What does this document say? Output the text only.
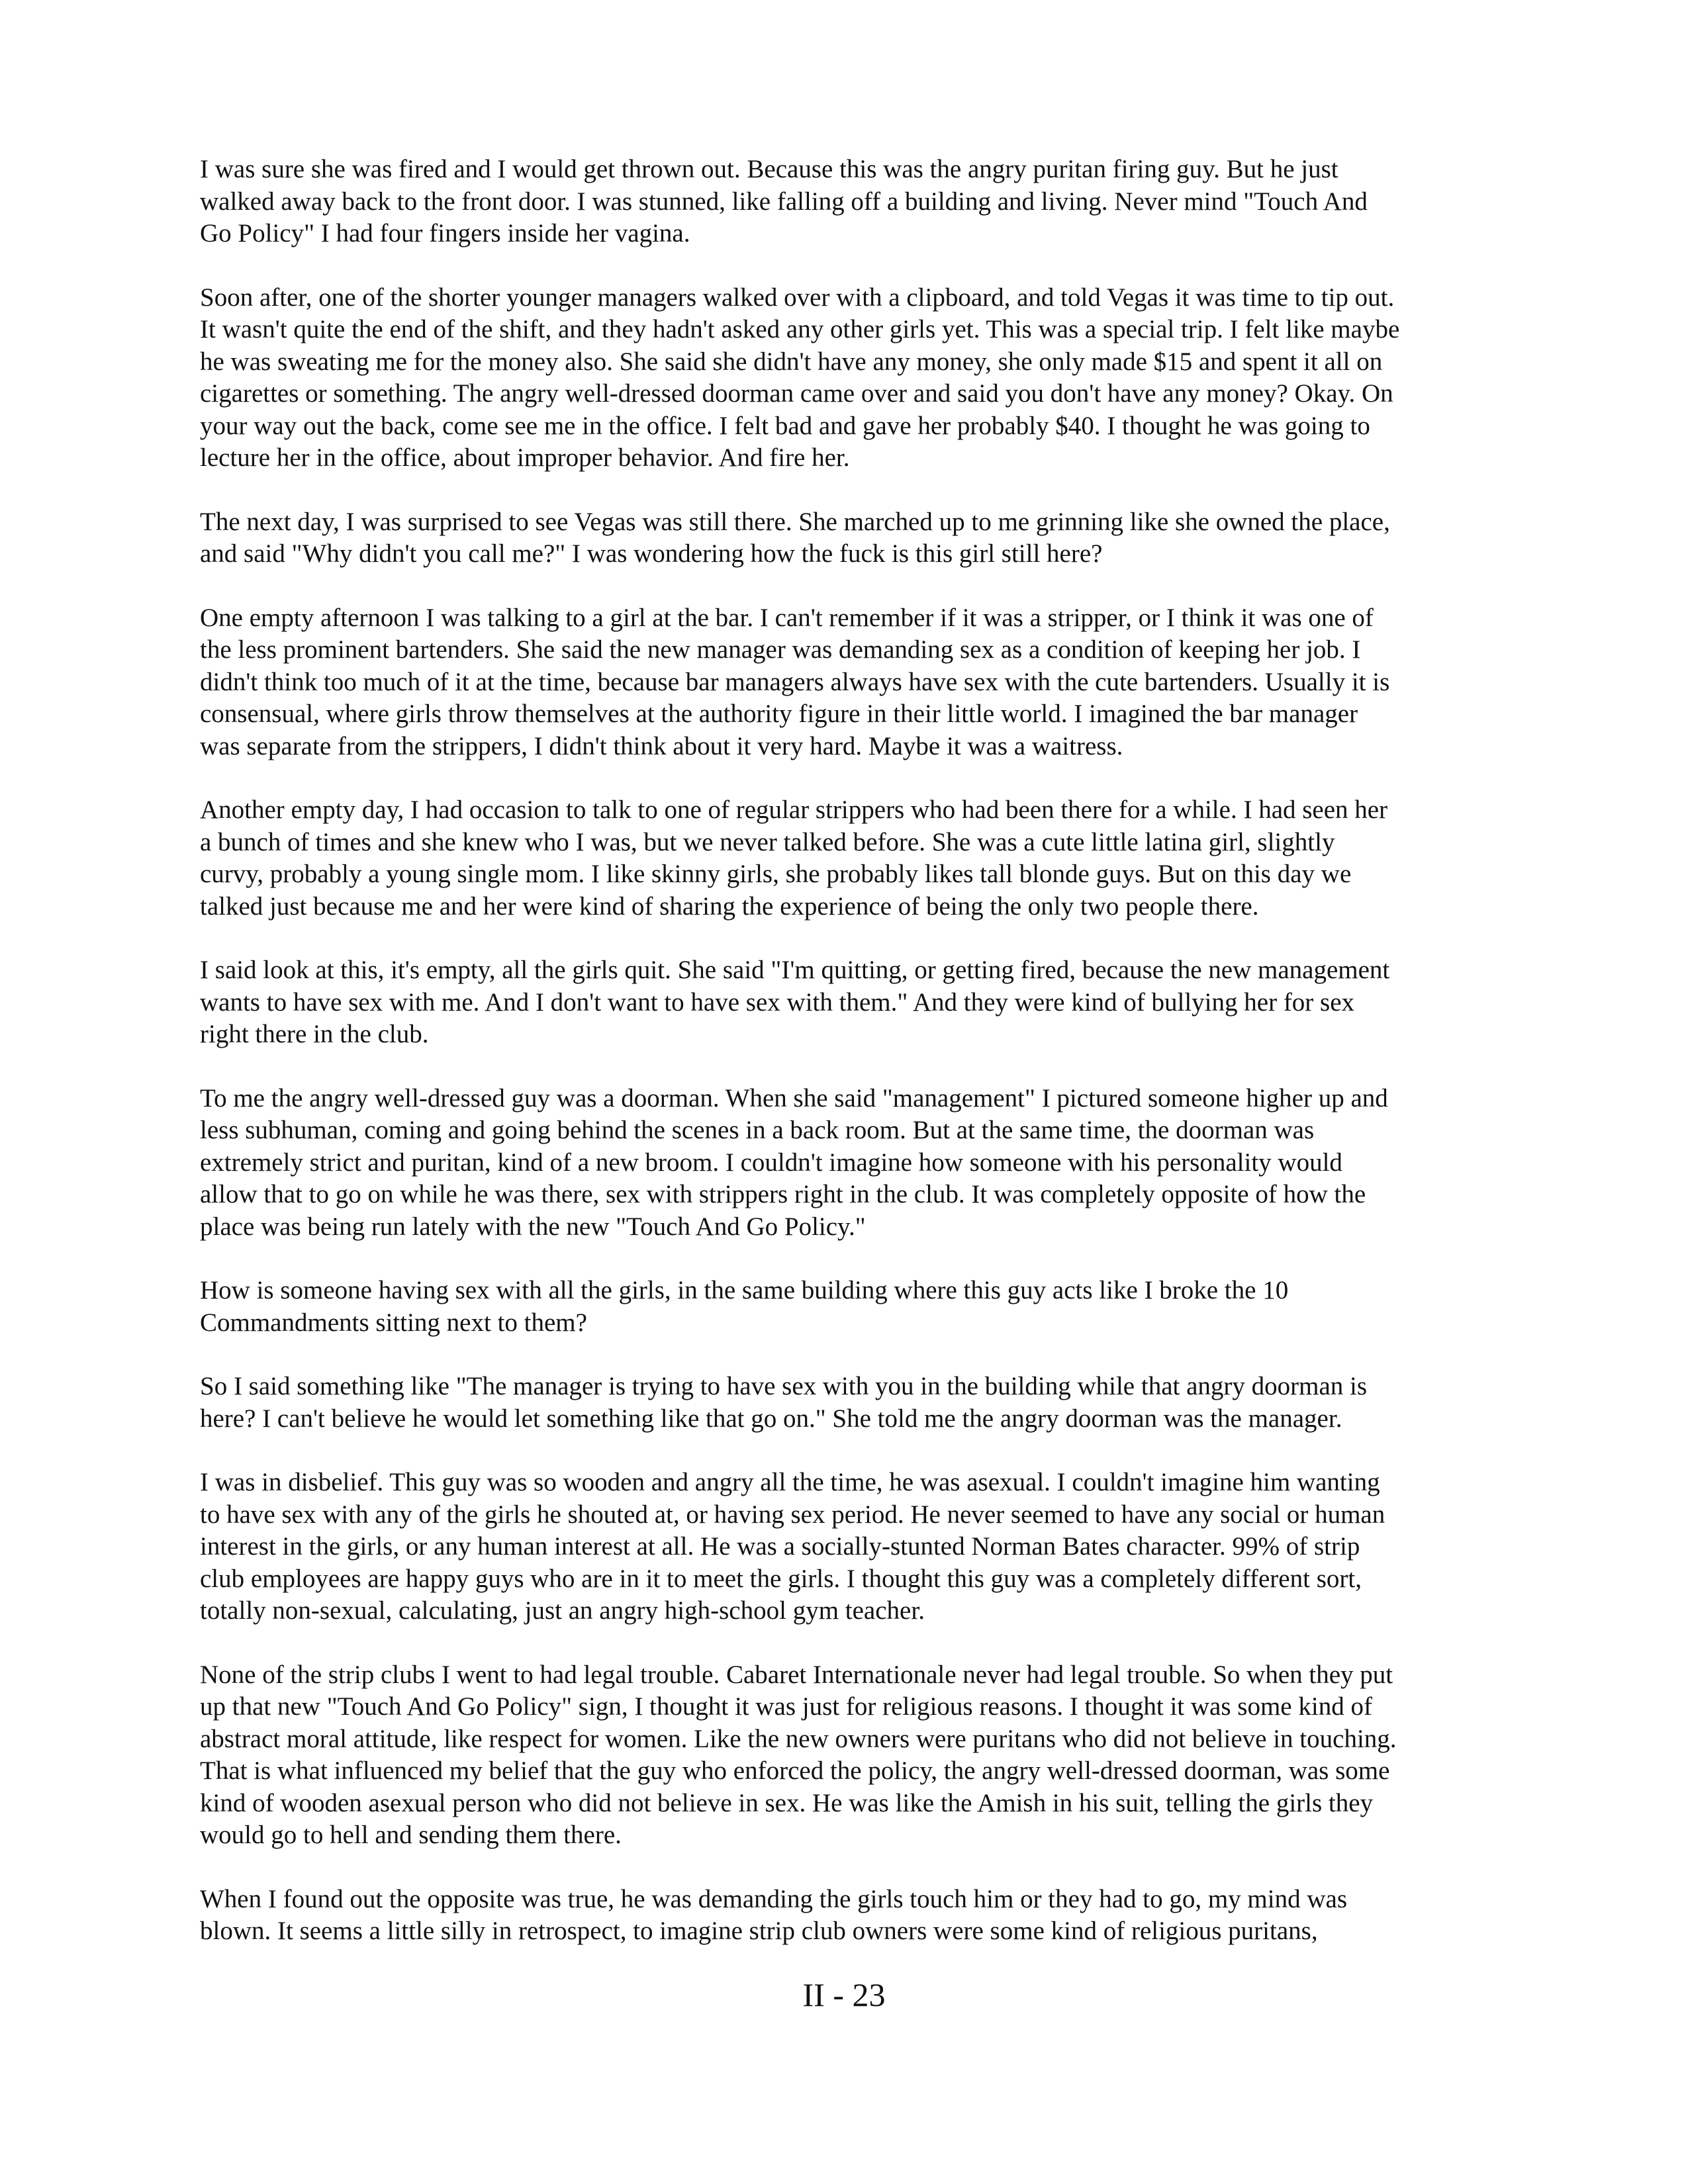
I was sure she was fired and I would get thrown out. Because this was the angry puritan firing guy. But he just
walked away back to the front door. I was stunned, like falling off a building and living. Never mind "Touch And
Go Policy" I had four fingers inside her vagina.

Soon after, one of the shorter younger managers walked over with a clipboard, and told Vegas it was time to tip out.
It wasn't quite the end of the shift, and they hadn't asked any other girls yet. This was a special trip. I felt like maybe
he was sweating me for the money also. She said she didn't have any money, she only made $15 and spent it all on
cigarettes or something. The angry well-dressed doorman came over and said you don't have any money? Okay. On
your way out the back, come see me in the office. I felt bad and gave her probably $40. I thought he was going to
lecture her in the office, about improper behavior. And fire her.

The next day, I was surprised to see Vegas was still there. She marched up to me grinning like she owned the place,
and said "Why didn't you call me?" I was wondering how the fuck is this girl still here?

One empty afternoon I was talking to a girl at the bar. I can't remember if it was a stripper, or I think it was one of
the less prominent bartenders. She said the new manager was demanding sex as a condition of keeping her job. I
didn't think too much of it at the time, because bar managers always have sex with the cute bartenders. Usually it is
consensual, where girls throw themselves at the authority figure in their little world. I imagined the bar manager
was separate from the strippers, I didn't think about it very hard. Maybe it was a waitress.

Another empty day, I had occasion to talk to one of regular strippers who had been there for a while. I had seen her
a bunch of times and she knew who I was, but we never talked before. She was a cute little latina girl, slightly
curvy, probably a young single mom. I like skinny girls, she probably likes tall blonde guys. But on this day we
talked just because me and her were kind of sharing the experience of being the only two people there.

I said look at this, it's empty, all the girls quit. She said "I'm quitting, or getting fired, because the new management
wants to have sex with me. And I don't want to have sex with them." And they were kind of bullying her for sex
right there in the club.

To me the angry well-dressed guy was a doorman. When she said "management" I pictured someone higher up and
less subhuman, coming and going behind the scenes in a back room. But at the same time, the doorman was
extremely strict and puritan, kind of a new broom. I couldn't imagine how someone with his personality would
allow that to go on while he was there, sex with strippers right in the club. It was completely opposite of how the
place was being run lately with the new "Touch And Go Policy."

How is someone having sex with all the girls, in the same building where this guy acts like I broke the 10
Commandments sitting next to them?

So I said something like "The manager is trying to have sex with you in the building while that angry doorman is
here? I can't believe he would let something like that go on." She told me the angry doorman was the manager.

I was in disbelief. This guy was so wooden and angry all the time, he was asexual. I couldn't imagine him wanting
to have sex with any of the girls he shouted at, or having sex period. He never seemed to have any social or human
interest in the girls, or any human interest at all. He was a socially-stunted Norman Bates character. 99% of strip
club employees are happy guys who are in it to meet the girls. I thought this guy was a completely different sort,
totally non-sexual, calculating, just an angry high-school gym teacher.

None of the strip clubs I went to had legal trouble. Cabaret Internationale never had legal trouble. So when they put
up that new "Touch And Go Policy" sign, I thought it was just for religious reasons. I thought it was some kind of
abstract moral attitude, like respect for women. Like the new owners were puritans who did not believe in touching.
That is what influenced my belief that the guy who enforced the policy, the angry well-dressed doorman, was some
kind of wooden asexual person who did not believe in sex. He was like the Amish in his suit, telling the girls they
would go to hell and sending them there.

When I found out the opposite was true, he was demanding the girls touch him or they had to go, my mind was
blown. It seems a little silly in retrospect, to imagine strip club owners were some kind of religious puritans,

II - 23
